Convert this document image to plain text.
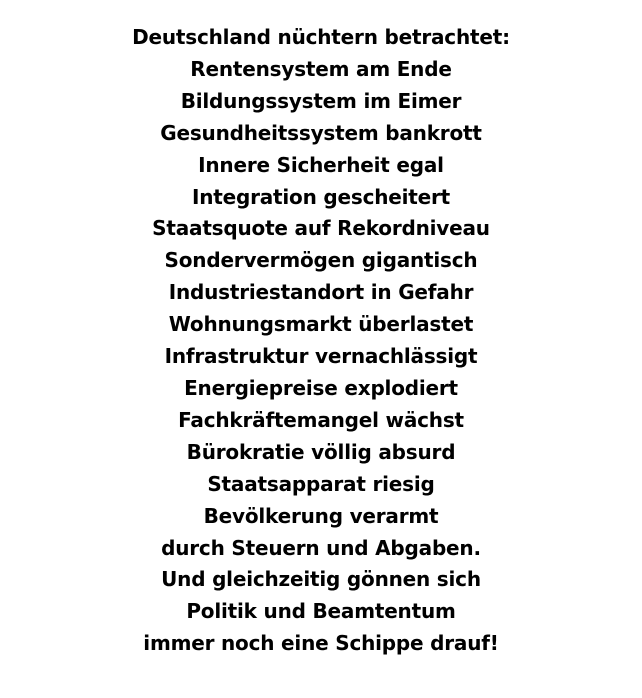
Deutschland nüchtern betrachtet:
Rentensystem am Ende
Bildungssystem im Eimer
Gesundheitssystem bankrott
Innere Sicherheit egal
Integration gescheitert
Staatsquote auf Rekordniveau
Sondervermögen gigantisch
Industriestandort in Gefahr
Wohnungsmarkt überlastet
Infrastruktur vernachlässigt
Energiepreise explodiert
Fachkräftemangel wächst
Bürokratie völlig absurd
Staatsapparat riesig
Bevölkerung verarmt
durch Steuern und Abgaben.
Und gleichzeitig gönnen sich
Politik und Beamtentum
immer noch eine Schippe drauf!
